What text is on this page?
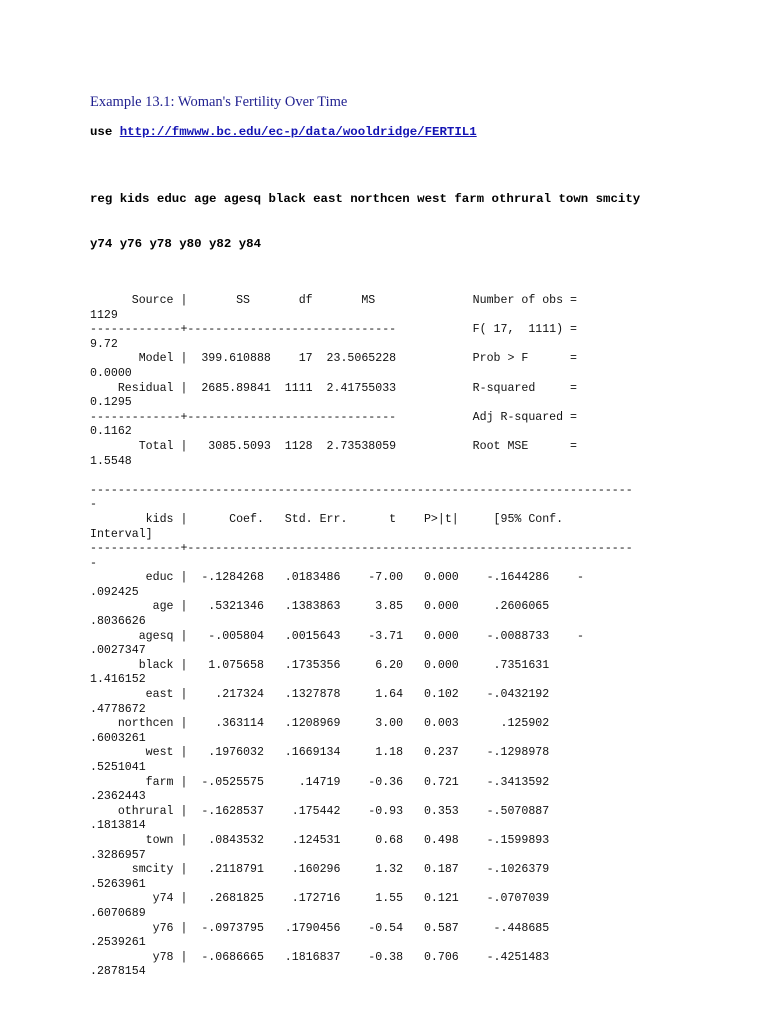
Example 13.1: Woman's Fertility Over Time

use http://fmwww.bc.edu/ec-p/data/wooldridge/FERTIL1

reg kids educ age agesq black east northcen west farm othrural town smcity

y74 y76 y78 y80 y82 y84

Source |       SS       df       MS              Number of obs =
1129
-------------+------------------------------           F( 17,  1111) =
9.72
Model |  399.610888    17  23.5065228           Prob > F      =
0.0000
Residual |  2685.89841  1111  2.41755033           R-squared     =
0.1295
-------------+------------------------------           Adj R-squared =
0.1162
Total |   3085.5093  1128  2.73538059           Root MSE      =
1.5548
------------------------------------------------------------------------------
-
kids |      Coef.   Std. Err.      t    P>|t|     [95% Conf.
Interval]
-------------+----------------------------------------------------------------
-
educ |  -.1284268   .0183486    -7.00   0.000    -.1644286    -
.092425
age |   .5321346   .1383863     3.85   0.000     .2606065
.8036626
agesq |   -.005804   .0015643    -3.71   0.000    -.0088733    -
.0027347
black |   1.075658   .1735356     6.20   0.000     .7351631
1.416152
east |    .217324   .1327878     1.64   0.102    -.0432192
.4778672
northcen |    .363114   .1208969     3.00   0.003      .125902
.6003261
west |   .1976032   .1669134     1.18   0.237    -.1298978
.5251041
farm |  -.0525575     .14719    -0.36   0.721    -.3413592
.2362443
othrural |  -.1628537    .175442    -0.93   0.353    -.5070887
.1813814
town |   .0843532    .124531     0.68   0.498    -.1599893
.3286957
smcity |   .2118791    .160296     1.32   0.187    -.1026379
.5263961
y74 |   .2681825    .172716     1.55   0.121    -.0707039
.6070689
y76 |  -.0973795   .1790456    -0.54   0.587     -.448685
.2539261
y78 |  -.0686665   .1816837    -0.38   0.706    -.4251483
.2878154
